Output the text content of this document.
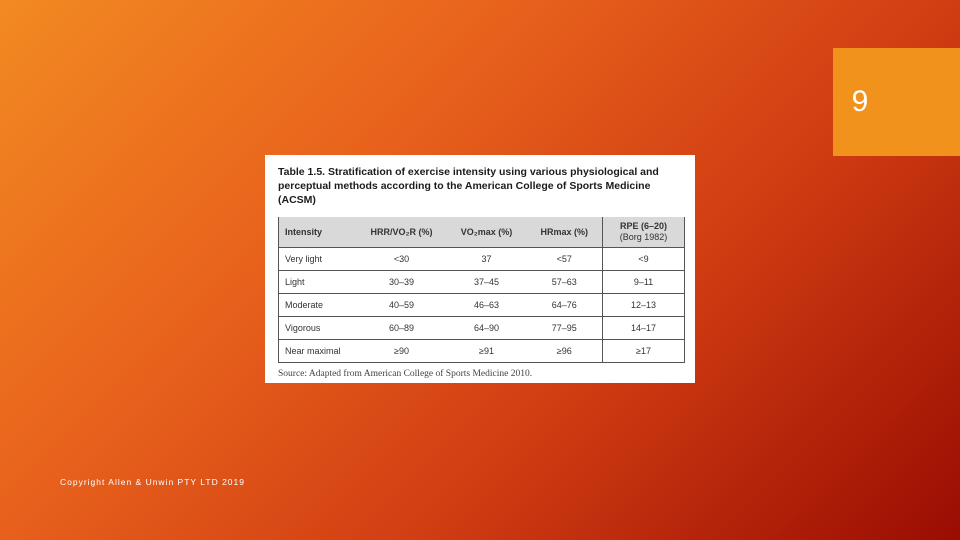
9
Table 1.5. Stratification of exercise intensity using various physiological and perceptual methods according to the American College of Sports Medicine (ACSM)
Intensity	HRR/VO₂R (%)	VO₂max (%)	HRmax (%)	RPE (6–20)
(Borg 1982)

Very light	<30	37	<57	<9
Light	30–39	37–45	57–63	9–11
Moderate	40–59	46–63	64–76	12–13
Vigorous	60–89	64–90	77–95	14–17
Near maximal	≥90	≥91	≥96	≥17
Source: Adapted from American College of Sports Medicine 2010.
Copyright Allen & Unwin PTY LTD 2019
